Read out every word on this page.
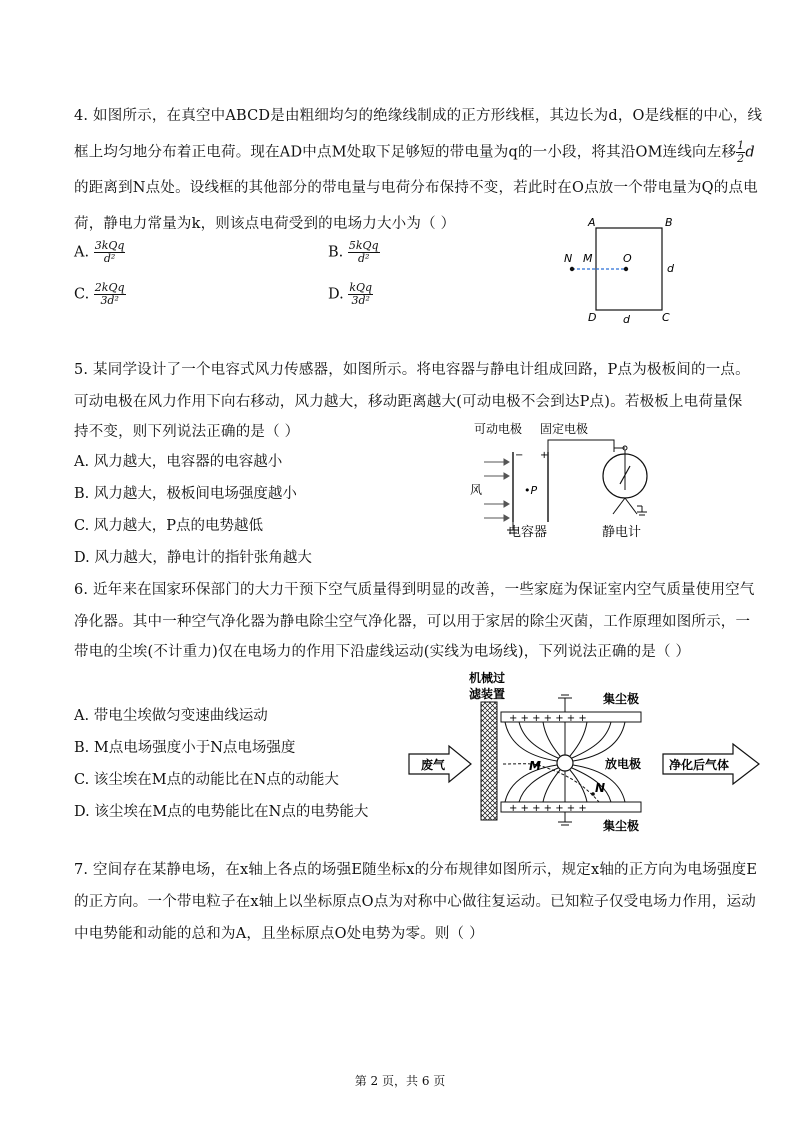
4. 如图所示，在真空中ABCD是由粗细均匀的绝缘线制成的正方形线框，其边长为d，O是线框的中心，线
框上均匀地分布着正电荷。现在AD中点M处取下足够短的带电量为q的一小段，将其沿OM连线向左移 $\frac{1}{2}$ d
的距离到N点处。设线框的其他部分的带电量与电荷分布保持不变，若此时在O点放一个带电量为Q的点电
荷，静电力常量为k，则该点电荷受到的电场力大小为（ ）
A. $\frac{\text{3kQq}}{\text{d²}}$	B. $\frac{\text{5kQq}}{\text{d²}}$
C. $\frac{\text{2kQq}}{\text{3d²}}$	D. $\frac{\text{kQq}}{\text{3d²}}$
A	B
D	C
N M	O
d
d
5. 某同学设计了一个电容式风力传感器，如图所示。将电容器与静电计组成回路，P点为极板间的一点。
可动电极在风力作用下向右移动，风力越大，移动距离越大(可动电极不会到达P点)。若极板上电荷量保
持不变，则下列说法正确的是（ ）
A. 风力越大，电容器的电容越小
B. 风力越大，极板间电场强度越小
C. 风力越大，P点的电势越低
D. 风力越大，静电计的指针张角越大
可动电极 固定电极
风
− +
•P
电容器	静电计
6. 近年来在国家环保部门的大力干预下空气质量得到明显的改善，一些家庭为保证室内空气质量使用空气
净化器。其中一种空气净化器为静电除尘空气净化器，可以用于家居的除尘灭菌，工作原理如图所示，一
带电的尘埃(不计重力)仅在电场力的作用下沿虚线运动(实线为电场线)，下列说法正确的是（ ）
A. 带电尘埃做匀变速曲线运动
B. M点电场强度小于N点电场强度
C. 该尘埃在M点的动能比在N点的动能大
D. 该尘埃在M点的电势能比在N点的电势能大
机械过
滤装置
废气
+ + + + + + +
集尘极
+ + + + + + +
集尘极
M
N
放电极 净化后气体
7. 空间存在某静电场，在x轴上各点的场强E随坐标x的分布规律如图所示，规定x轴的正方向为电场强度E
的正方向。一个带电粒子在x轴上以坐标原点O点为对称中心做往复运动。已知粒子仅受电场力作用，运动
中电势能和动能的总和为A，且坐标原点O处电势为零。则（ ）
第 2 页，共 6 页
